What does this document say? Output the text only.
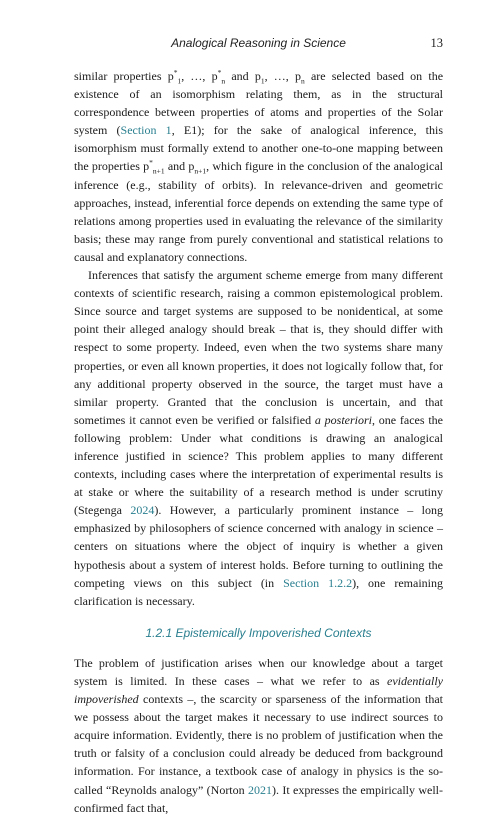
Analogical Reasoning in Science	13

similar properties $p^*_1$, …, $p^*_n$ and $p_1$, …, $p_n$ are selected based on the existence of an isomorphism relating them, as in the structural correspondence between properties of atoms and properties of the Solar system (Section 1, E1); for the sake of analogical inference, this isomorphism must formally extend to another one-to-one mapping between the properties $p^*_{n+1}$ and $p_{n+1}$, which figure in the conclusion of the analogical inference (e.g., stability of orbits). In relevance-driven and geometric approaches, instead, inferential force depends on extending the same type of relations among properties used in evaluating the relevance of the similarity basis; these may range from purely conventional and statistical relations to causal and explanatory connections.

Inferences that satisfy the argument scheme emerge from many different contexts of scientific research, raising a common epistemological problem. Since source and target systems are supposed to be nonidentical, at some point their alleged analogy should break – that is, they should differ with respect to some property. Indeed, even when the two systems share many properties, or even all known properties, it does not logically follow that, for any additional property observed in the source, the target must have a similar property. Granted that the conclusion is uncertain, and that sometimes it cannot even be verified or falsified a posteriori, one faces the following problem: Under what conditions is drawing an analogical inference justified in science? This problem applies to many different contexts, including cases where the interpretation of experimental results is at stake or where the suitability of a research method is under scrutiny (Stegenga 2024). However, a particularly prominent instance – long emphasized by philosophers of science concerned with analogy in science – centers on situations where the object of inquiry is whether a given hypothesis about a system of interest holds. Before turning to outlining the competing views on this subject (in Section 1.2.2), one remaining clarification is necessary.

1.2.1 Epistemically Impoverished Contexts

The problem of justification arises when our knowledge about a target system is limited. In these cases – what we refer to as evidentially impoverished contexts –, the scarcity or sparseness of the information that we possess about the target makes it necessary to use indirect sources to acquire information. Evidently, there is no problem of justification when the truth or falsity of a conclusion could already be deduced from background information. For instance, a textbook case of analogy in physics is the so-called “Reynolds analogy” (Norton 2021). It expresses the empirically well-confirmed fact that,
